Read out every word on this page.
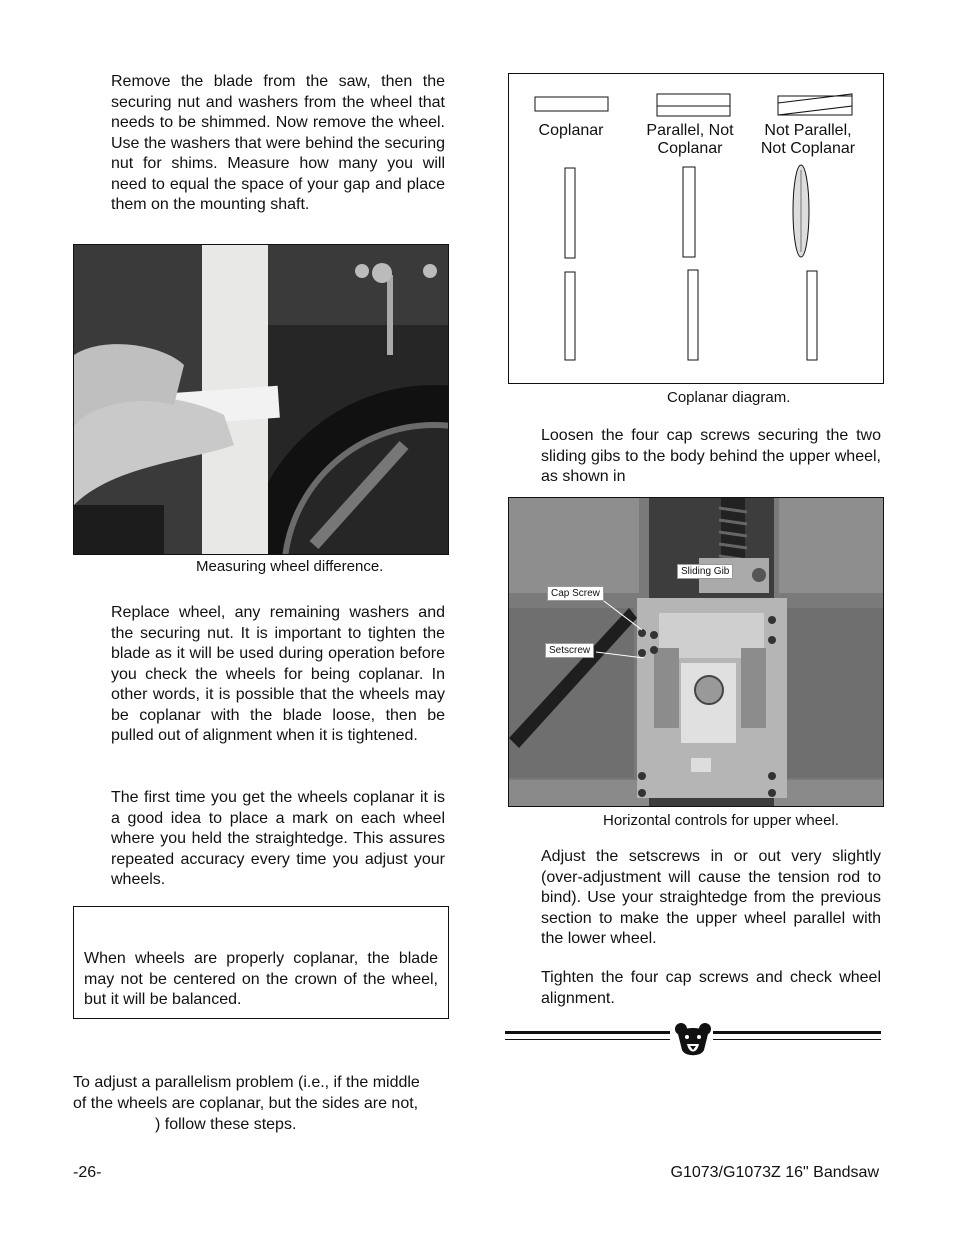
Remove the blade from the saw, then the securing nut and washers from the wheel that needs to be shimmed. Now remove the wheel. Use the washers that were behind the securing nut for shims. Measure how many you will need to equal the space of your gap and place them on the mounting shaft.

Measuring wheel difference.

Replace wheel, any remaining washers and the securing nut. It is important to tighten the blade as it will be used during operation before you check the wheels for being coplanar. In other words, it is possible that the wheels may be coplanar with the blade loose, then be pulled out of alignment when it is tightened.

The first time you get the wheels coplanar it is a good idea to place a mark on each wheel where you held the straightedge. This assures repeated accuracy every time you adjust your wheels.

When wheels are properly coplanar, the blade may not be centered on the crown of the wheel, but it will be balanced.

To adjust a parallelism problem (i.e., if the middle
of the wheels are coplanar, but the sides are not,
) follow these steps.
Coplanar	Parallel, Not
Coplanar
Not Parallel,
Not Coplanar

Coplanar diagram.

Loosen the four cap screws securing the two sliding gibs to the body behind the upper wheel, as shown in

Sliding Gib
Cap Screw
Setscrew

Horizontal controls for upper wheel.

Adjust the setscrews in or out very slightly (over-adjustment will cause the tension rod to bind). Use your straightedge from the previous section to make the upper wheel parallel with the lower wheel.

Tighten the four cap screws and check wheel alignment.

-26-	G1073/G1073Z 16" Bandsaw
